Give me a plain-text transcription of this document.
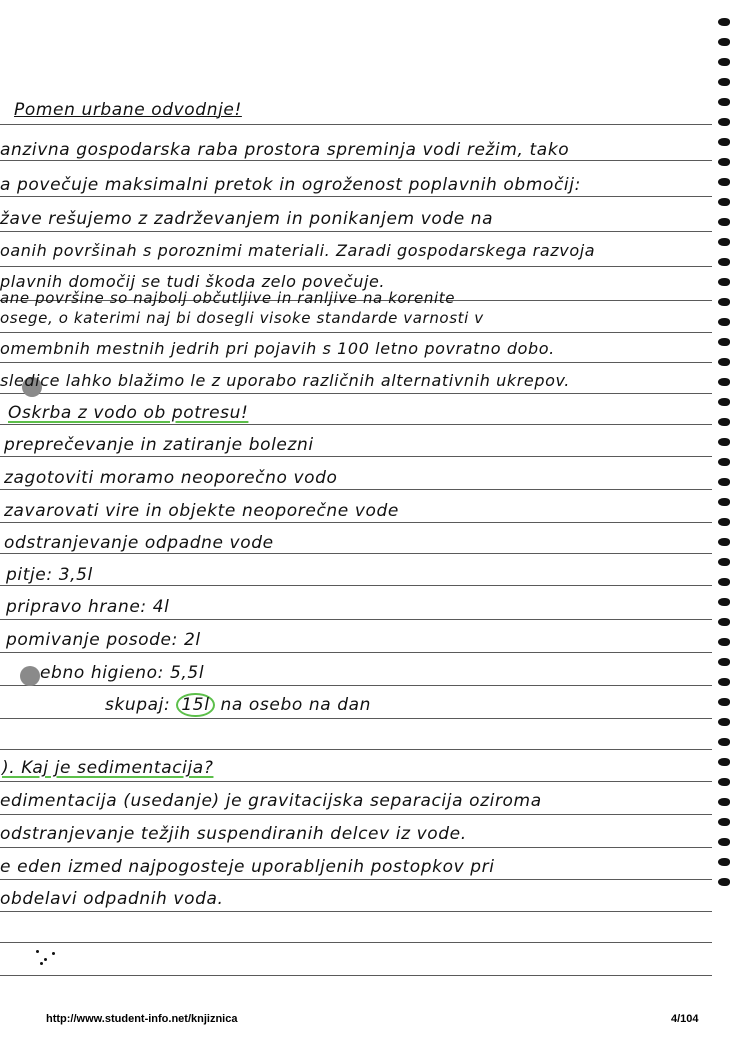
Pomen urbane odvodnje!
anzivna gospodarska raba prostora spreminja vodi režim, tako
a povečuje maksimalni pretok in ogroženost poplavnih območij:
žave rešujemo z zadrževanjem in ponikanjem vode na
oanih površinah s poroznimi materiali. Zaradi gospodarskega razvoja
plavnih domočij se tudi škoda zelo povečuje.
ane površine so najbolj občutljive in ranljive na korenite
osege, o katerimi naj bi dosegli visoke standarde varnosti v
omembnih mestnih jedrih pri pojavih s 100 letno povratno dobo.
sledice lahko blažimo le z uporabo različnih alternativnih ukrepov.
Oskrba z vodo ob potresu!
preprečevanje in zatiranje bolezni
zagotoviti moramo neoporečno vodo
zavarovati vire in objekte neoporečne vode
odstranjevanje odpadne vode
pitje: 3,5l
pripravo hrane: 4l
pomivanje posode: 2l
ebno higieno: 5,5l
skupaj: 15l na osebo na dan
). Kaj je sedimentacija?
edimentacija (usedanje) je gravitacijska separacija oziroma
odstranjevanje težjih suspendiranih delcev iz vode.
e eden izmed najpogosteje uporabljenih postopkov pri
obdelavi odpadnih voda.
http://www.student-info.net/knjiznica	4/104
